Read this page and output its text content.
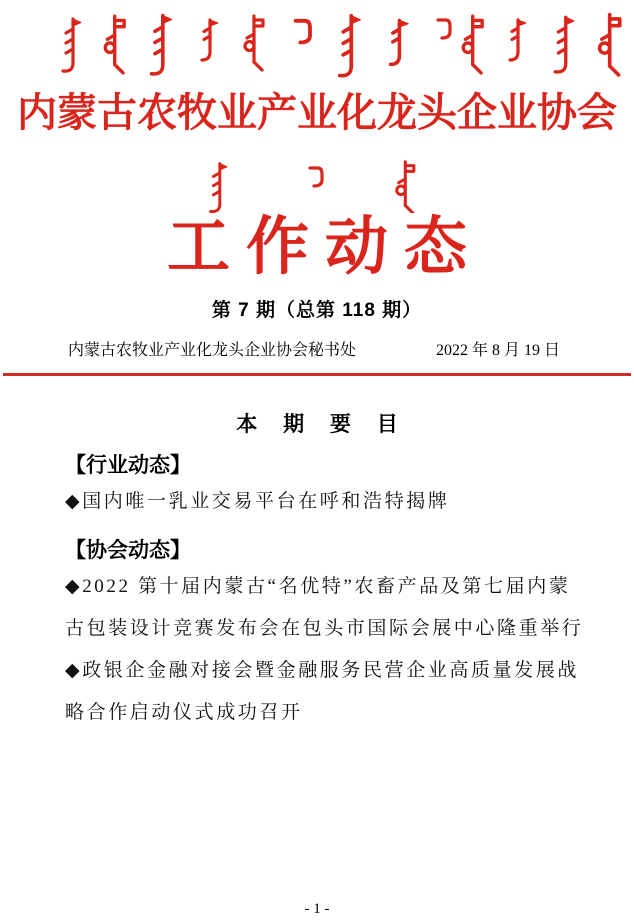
内蒙古农牧业产业化龙头企业协会
工作动态
第 7 期（总第 118 期）
内蒙古农牧业产业化龙头企业协会秘书处	2022 年 8 月 19 日
本 期 要 目
【行业动态】
◆国内唯一乳业交易平台在呼和浩特揭牌
【协会动态】
◆2022 第十届内蒙古“名优特”农畜产品及第七届内蒙
古包装设计竞赛发布会在包头市国际会展中心隆重举行
◆政银企金融对接会暨金融服务民营企业高质量发展战
略合作启动仪式成功召开
- 1 -
